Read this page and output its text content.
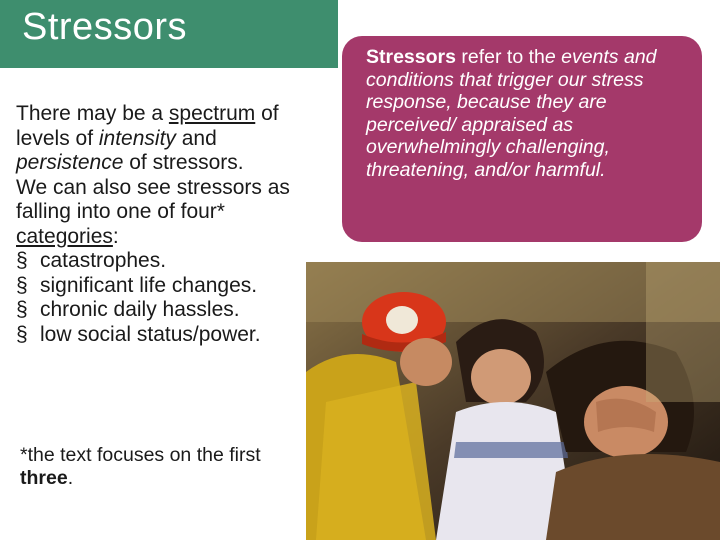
Stressors

There may be a spectrum of levels of intensity and persistence of stressors.

We can also see stressors as falling into one of four* categories:

§ catastrophes.
§ significant life changes.
§ chronic daily hassles.
§ low social status/power.
*the text focuses on the first three.
Stressors refer to the events and conditions that trigger our stress response, because they are perceived/ appraised as overwhelmingly challenging, threatening, and/or harmful.
